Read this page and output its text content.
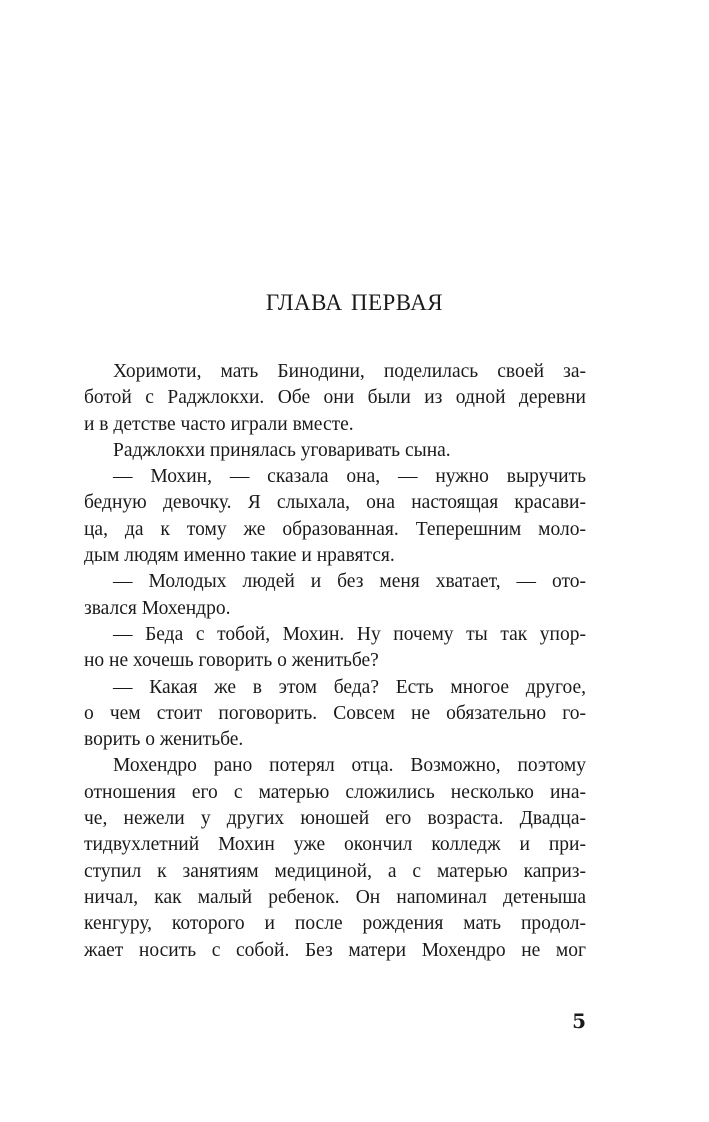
ГЛАВА ПЕРВАЯ
Хоримоти, мать Бинодини, поделилась своей за-
ботой с Раджлокхи. Обе они были из одной деревни
и в детстве часто играли вместе.
Раджлокхи принялась уговаривать сына.
— Мохин, — сказала она, — нужно выручить
бедную девочку. Я слыхала, она настоящая красави-
ца, да к тому же образованная. Теперешним моло-
дым людям именно такие и нравятся.
— Молодых людей и без меня хватает, — ото-
звался Мохендро.
— Беда с тобой, Мохин. Ну почему ты так упор-
но не хочешь говорить о женитьбе?
— Какая же в этом беда? Есть многое другое,
о чем стоит поговорить. Совсем не обязательно го-
ворить о женитьбе.
Мохендро рано потерял отца. Возможно, поэтому
отношения его с матерью сложились несколько ина-
че, нежели у других юношей его возраста. Двадца-
тидвухлетний Мохин уже окончил колледж и при-
ступил к занятиям медициной, а с матерью каприз-
ничал, как малый ребенок. Он напоминал детеныша
кенгуру, которого и после рождения мать продол-
жает носить с собой. Без матери Мохендро не мог
5
